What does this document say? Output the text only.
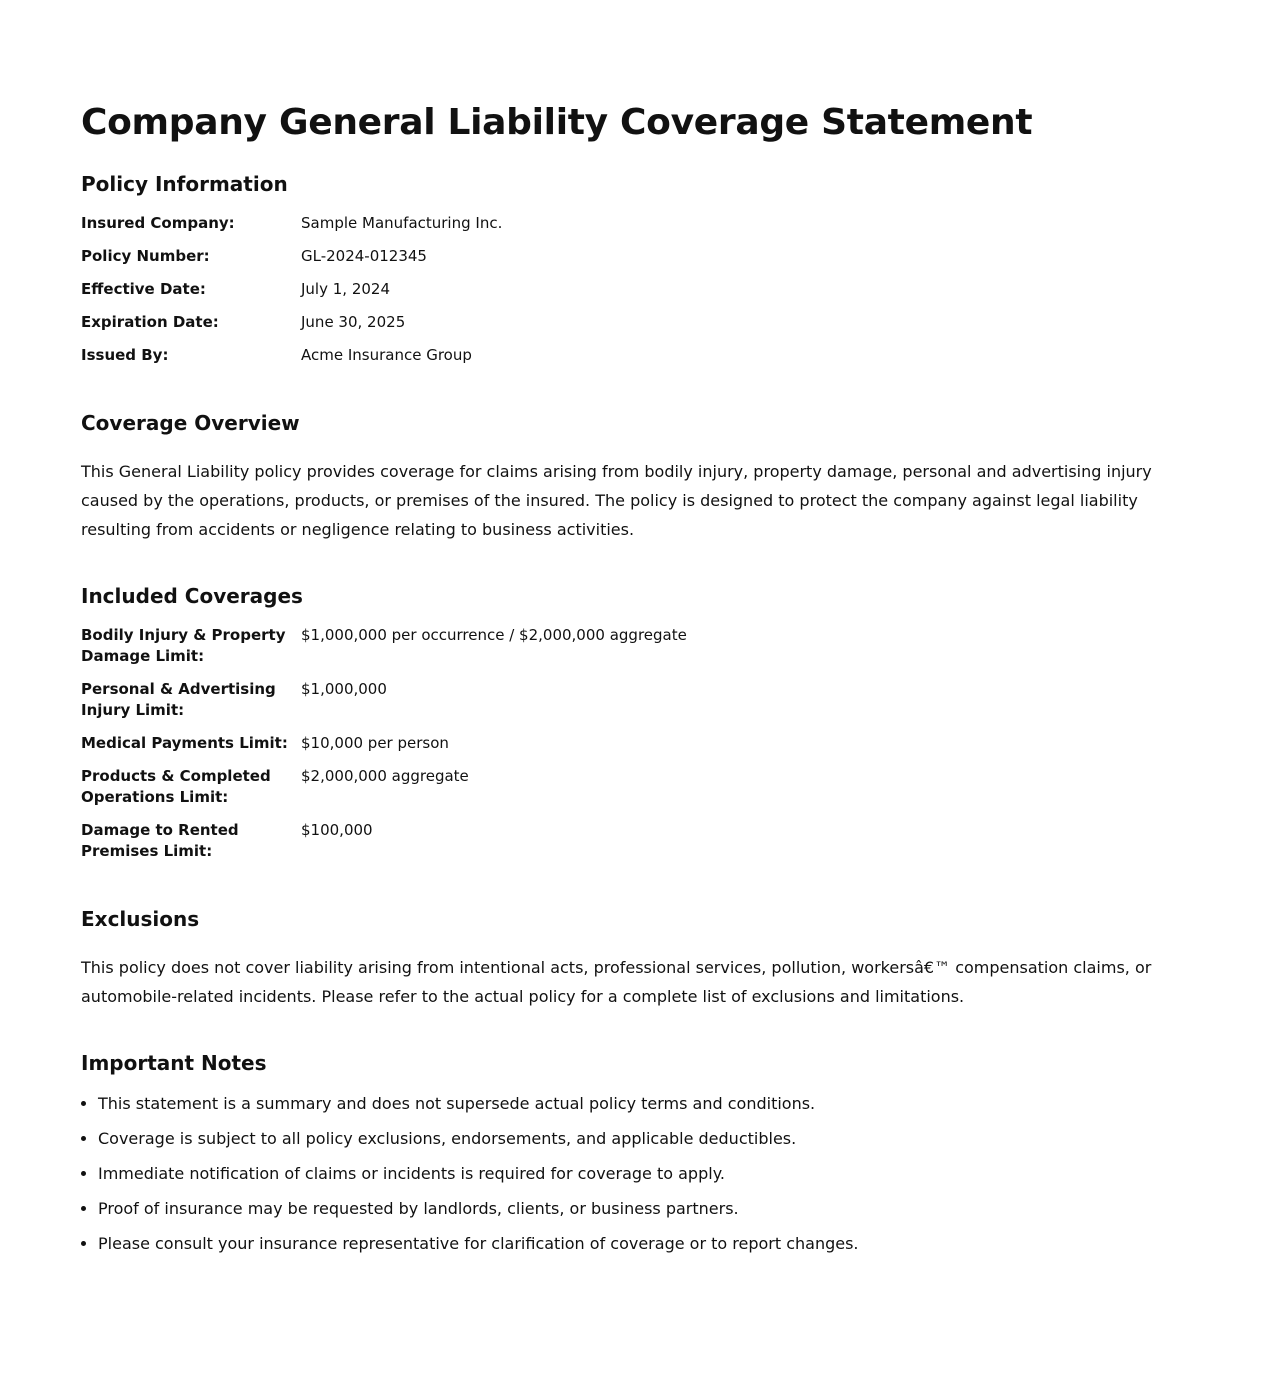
Company General Liability Coverage Statement
Policy Information
Insured Company:	Sample Manufacturing Inc.
Policy Number:	GL-2024-012345
Effective Date:	July 1, 2024
Expiration Date:	June 30, 2025
Issued By:	Acme Insurance Group
Coverage Overview

This General Liability policy provides coverage for claims arising from bodily injury, property damage, personal and advertising injury caused by the operations, products, or premises of the insured. The policy is designed to protect the company against legal liability resulting from accidents or negligence relating to business activities.

Included Coverages
Bodily Injury & Property Damage Limit:
$1,000,000 per occurrence / $2,000,000 aggregate
Personal & Advertising Injury Limit:
$1,000,000
Medical Payments Limit: $10,000 per person
Products & Completed Operations Limit:
$2,000,000 aggregate
Damage to Rented Premises Limit:
$100,000
Exclusions

This policy does not cover liability arising from intentional acts, professional services, pollution, workersâ€™ compensation claims, or automobile-related incidents. Please refer to the actual policy for a complete list of exclusions and limitations.

Important Notes
• This statement is a summary and does not supersede actual policy terms and conditions.
• Coverage is subject to all policy exclusions, endorsements, and applicable deductibles.
• Immediate notification of claims or incidents is required for coverage to apply.
• Proof of insurance may be requested by landlords, clients, or business partners.
• Please consult your insurance representative for clarification of coverage or to report changes.
